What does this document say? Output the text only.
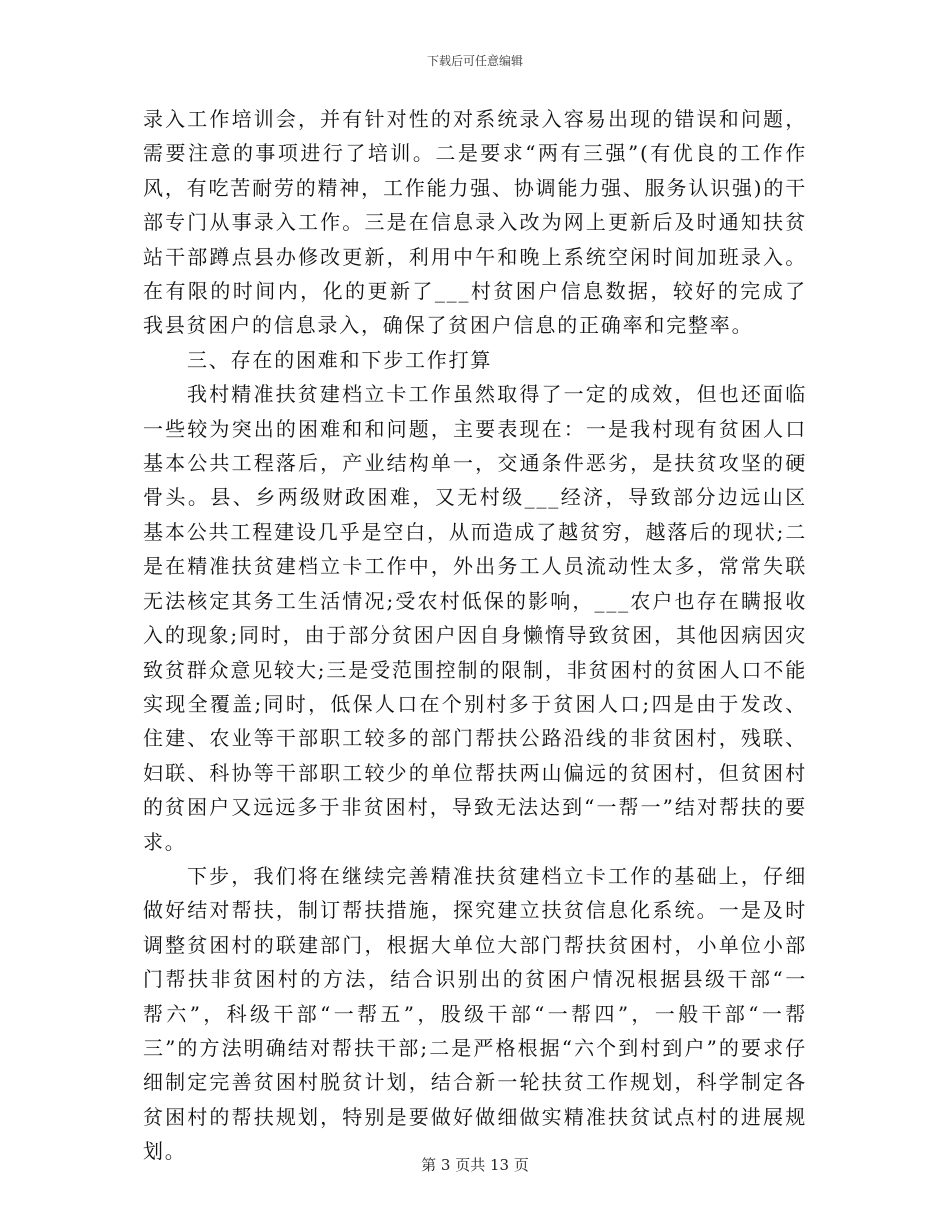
下载后可任意编辑

录入工作培训会，并有针对性的对系统录入容易出现的错误和问题，需要注意的事项进行了培训。二是要求“两有三强”(有优良的工作作风，有吃苦耐劳的精神，工作能力强、协调能力强、服务认识强)的干部专门从事录入工作。三是在信息录入改为网上更新后及时通知扶贫站干部蹲点县办修改更新，利用中午和晚上系统空闲时间加班录入。在有限的时间内，化的更新了___村贫困户信息数据，较好的完成了我县贫困户的信息录入，确保了贫困户信息的正确率和完整率。

三、存在的困难和下步工作打算

我村精准扶贫建档立卡工作虽然取得了一定的成效，但也还面临一些较为突出的困难和和问题，主要表现在：一是我村现有贫困人口基本公共工程落后，产业结构单一，交通条件恶劣，是扶贫攻坚的硬骨头。县、乡两级财政困难，又无村级___经济，导致部分边远山区基本公共工程建设几乎是空白，从而造成了越贫穷，越落后的现状;二是在精准扶贫建档立卡工作中，外出务工人员流动性太多，常常失联无法核定其务工生活情况;受农村低保的影响，___农户也存在瞒报收入的现象;同时，由于部分贫困户因自身懒惰导致贫困，其他因病因灾致贫群众意见较大;三是受范围控制的限制，非贫困村的贫困人口不能实现全覆盖;同时，低保人口在个别村多于贫困人口;四是由于发改、住建、农业等干部职工较多的部门帮扶公路沿线的非贫困村，残联、妇联、科协等干部职工较少的单位帮扶两山偏远的贫困村，但贫困村的贫困户又远远多于非贫困村，导致无法达到“一帮一”结对帮扶的要求。

下步，我们将在继续完善精准扶贫建档立卡工作的基础上，仔细做好结对帮扶，制订帮扶措施，探究建立扶贫信息化系统。一是及时调整贫困村的联建部门，根据大单位大部门帮扶贫困村，小单位小部门帮扶非贫困村的方法，结合识别出的贫困户情况根据县级干部“一帮六”，科级干部“一帮五”，股级干部“一帮四”，一般干部“一帮三”的方法明确结对帮扶干部;二是严格根据“六个到村到户”的要求仔细制定完善贫困村脱贫计划，结合新一轮扶贫工作规划，科学制定各贫困村的帮扶规划，特别是要做好做细做实精准扶贫试点村的进展规划。

第 3 页共 13 页
